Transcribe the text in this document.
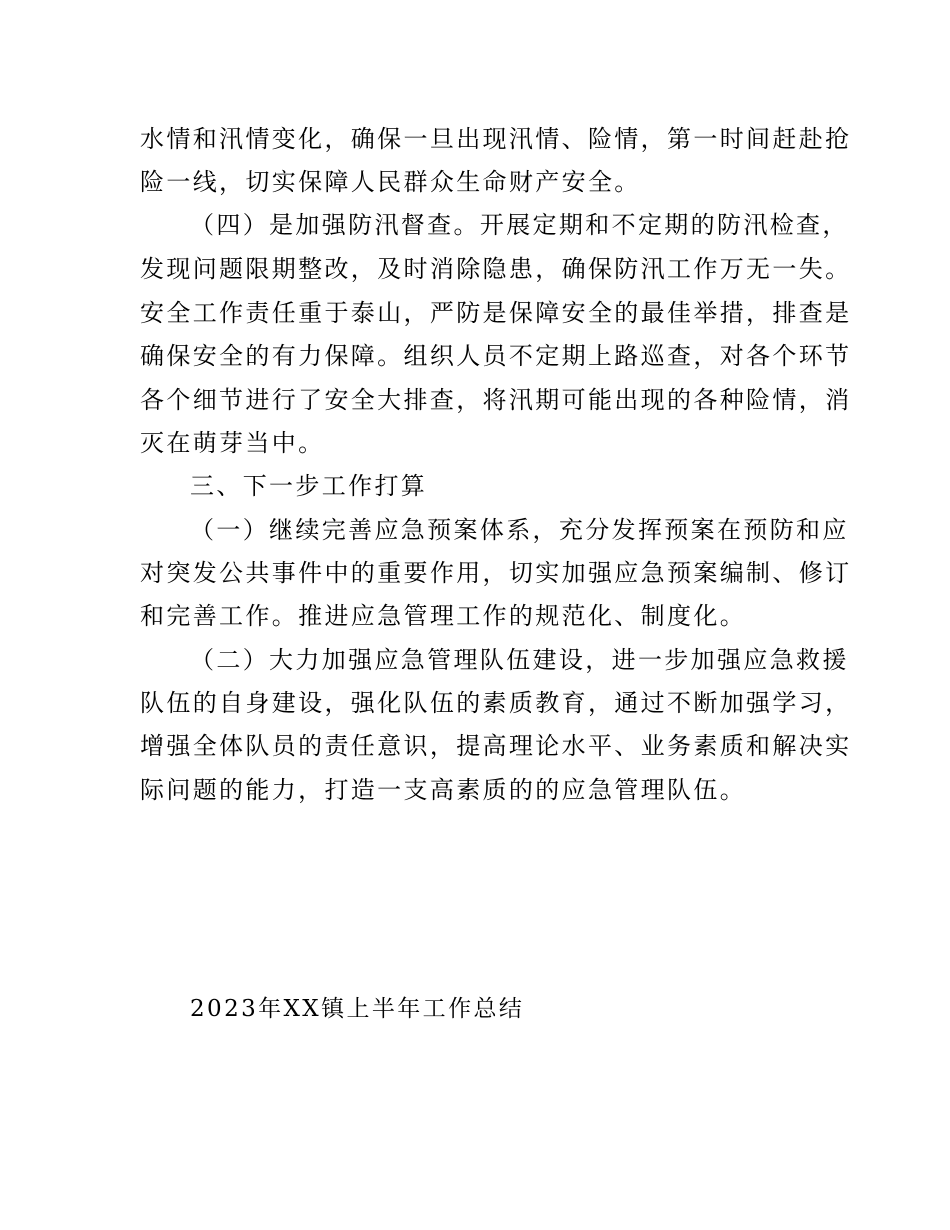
水情和汛情变化，确保一旦出现汛情、险情，第一时间赶赴抢
险一线，切实保障人民群众生命财产安全。
（四）是加强防汛督查。开展定期和不定期的防汛检查，
发现问题限期整改，及时消除隐患，确保防汛工作万无一失。
安全工作责任重于泰山，严防是保障安全的最佳举措，排查是
确保安全的有力保障。组织人员不定期上路巡查，对各个环节
各个细节进行了安全大排查，将汛期可能出现的各种险情，消
灭在萌芽当中。
三、下一步工作打算
（一）继续完善应急预案体系，充分发挥预案在预防和应
对突发公共事件中的重要作用，切实加强应急预案编制、修订
和完善工作。推进应急管理工作的规范化、制度化。
（二）大力加强应急管理队伍建设，进一步加强应急救援
队伍的自身建设，强化队伍的素质教育，通过不断加强学习，
增强全体队员的责任意识，提高理论水平、业务素质和解决实
际问题的能力，打造一支高素质的的应急管理队伍。
2023年XX镇上半年工作总结
